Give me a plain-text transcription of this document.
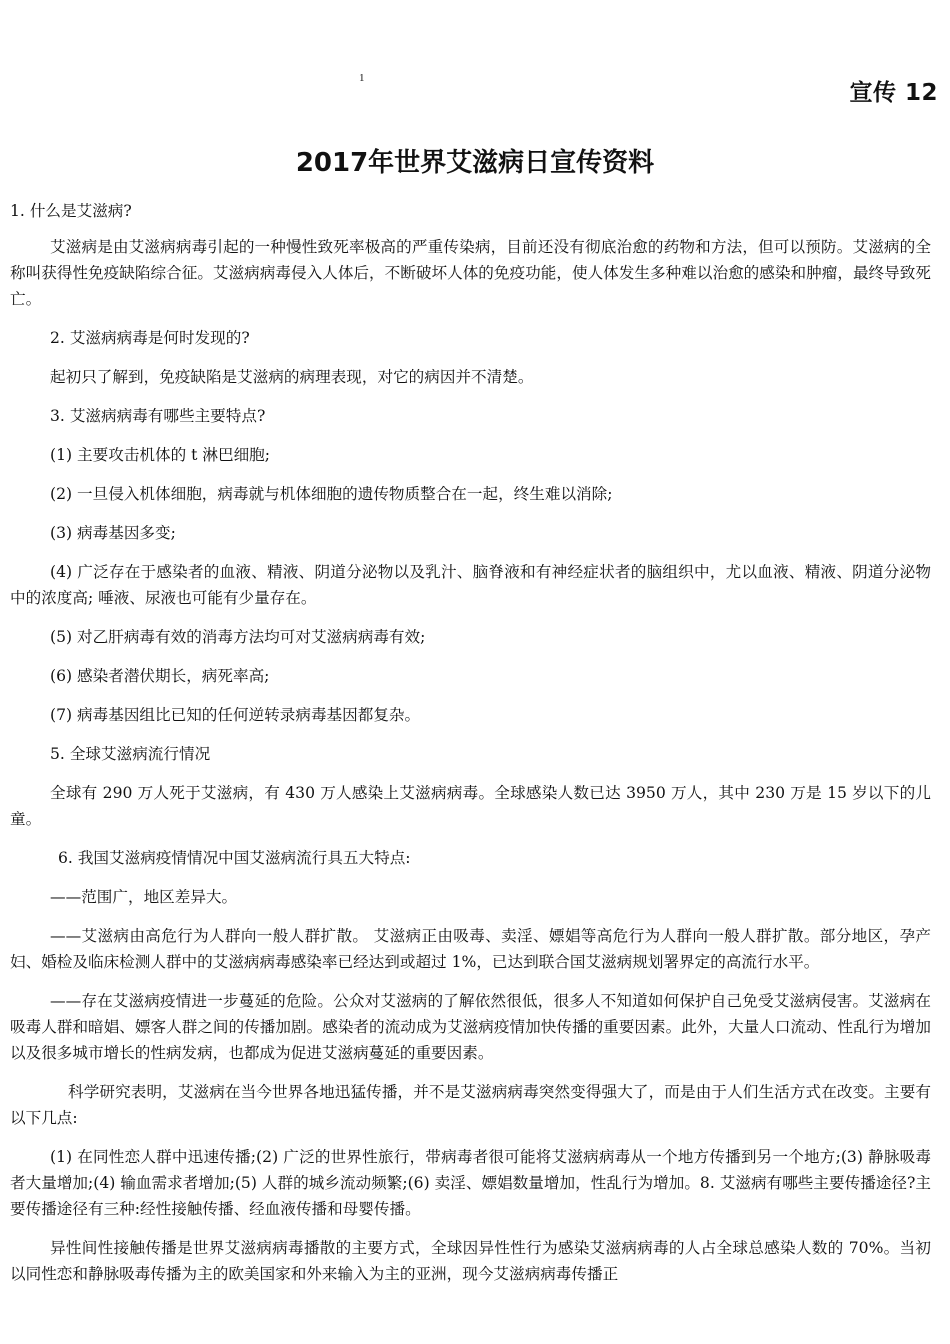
1
宣传 12
2017年世界艾滋病日宣传资料

1. 什么是艾滋病?

艾滋病是由艾滋病病毒引起的一种慢性致死率极高的严重传染病，目前还没有彻底治愈的药物和方法，但可以预防。艾滋病的全称叫获得性免疫缺陷综合征。艾滋病病毒侵入人体后，不断破坏人体的免疫功能，使人体发生多种难以治愈的感染和肿瘤，最终导致死亡。

2. 艾滋病病毒是何时发现的?

起初只了解到，免疫缺陷是艾滋病的病理表现，对它的病因并不清楚。

3. 艾滋病病毒有哪些主要特点?

(1) 主要攻击机体的 t 淋巴细胞;

(2) 一旦侵入机体细胞，病毒就与机体细胞的遗传物质整合在一起，终生难以消除;

(3) 病毒基因多变;

(4) 广泛存在于感染者的血液、精液、阴道分泌物以及乳汁、脑脊液和有神经症状者的脑组织中，尤以血液、精液、阴道分泌物中的浓度高; 唾液、尿液也可能有少量存在。

(5) 对乙肝病毒有效的消毒方法均可对艾滋病病毒有效;

(6) 感染者潜伏期长，病死率高;

(7) 病毒基因组比已知的任何逆转录病毒基因都复杂。

5. 全球艾滋病流行情况

全球有 290 万人死于艾滋病，有 430 万人感染上艾滋病病毒。全球感染人数已达 3950 万人，其中 230 万是 15 岁以下的儿童。

6. 我国艾滋病疫情情况中国艾滋病流行具五大特点:

——范围广，地区差异大。

——艾滋病由高危行为人群向一般人群扩散。 艾滋病正由吸毒、卖淫、嫖娼等高危行为人群向一般人群扩散。部分地区，孕产妇、婚检及临床检测人群中的艾滋病病毒感染率已经达到或超过 1%，已达到联合国艾滋病规划署界定的高流行水平。

——存在艾滋病疫情进一步蔓延的危险。公众对艾滋病的了解依然很低，很多人不知道如何保护自己免受艾滋病侵害。艾滋病在吸毒人群和暗娼、嫖客人群之间的传播加剧。感染者的流动成为艾滋病疫情加快传播的重要因素。此外，大量人口流动、性乱行为增加以及很多城市增长的性病发病，也都成为促进艾滋病蔓延的重要因素。

科学研究表明，艾滋病在当今世界各地迅猛传播，并不是艾滋病病毒突然变得强大了，而是由于人们生活方式在改变。主要有以下几点:

(1) 在同性恋人群中迅速传播;(2) 广泛的世界性旅行，带病毒者很可能将艾滋病病毒从一个地方传播到另一个地方;(3) 静脉吸毒者大量增加;(4) 输血需求者增加;(5) 人群的城乡流动频繁;(6) 卖淫、嫖娼数量增加，性乱行为增加。8. 艾滋病有哪些主要传播途径?主要传播途径有三种:经性接触传播、经血液传播和母婴传播。

异性间性接触传播是世界艾滋病病毒播散的主要方式，全球因异性性行为感染艾滋病病毒的人占全球总感染人数的 70%。当初以同性恋和静脉吸毒传播为主的欧美国家和外来输入为主的亚洲，现今艾滋病病毒传播正
